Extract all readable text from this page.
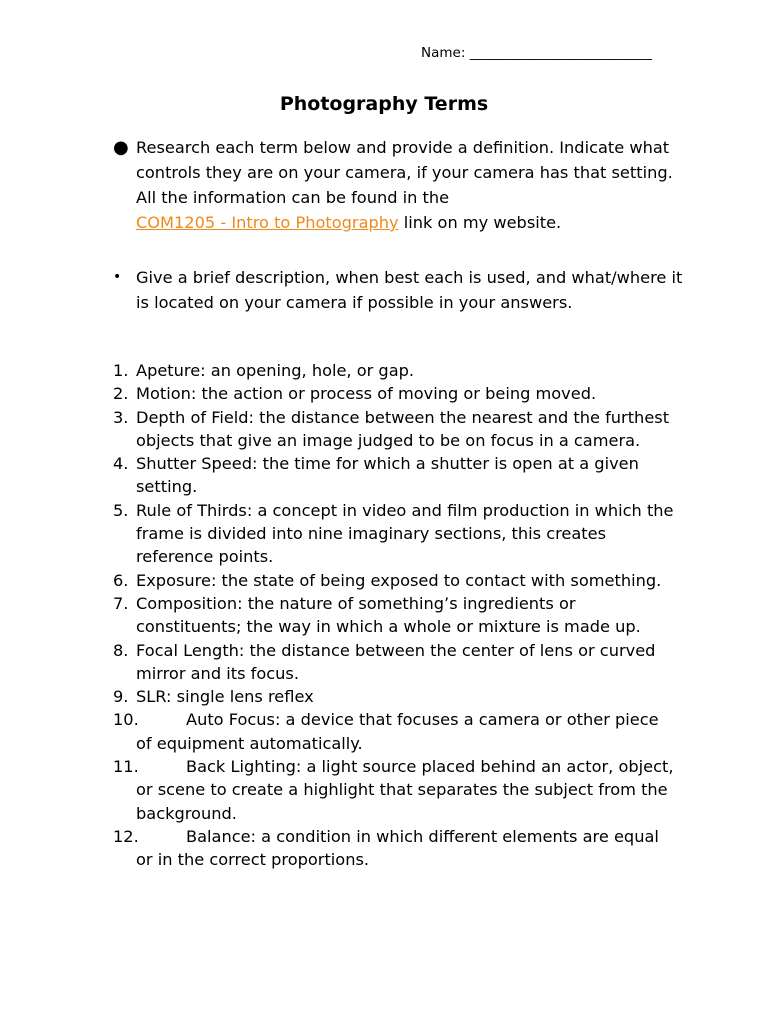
Name: ___________________________
Photography Terms
● Research each term below and provide a definition. Indicate what controls they are on your camera, if your camera has that setting. All the information can be found in the
COM1205 - Intro to Photography link on my website.
• Give a brief description, when best each is used, and what/where it is located on your camera if possible in your answers.
1. Apeture: an opening, hole, or gap.
2. Motion: the action or process of moving or being moved.
3. Depth of Field: the distance between the nearest and the furthest objects that give an image judged to be on focus in a camera.
4. Shutter Speed: the time for which a shutter is open at a given setting.
5. Rule of Thirds: a concept in video and film production in which the frame is divided into nine imaginary sections, this creates reference points.
6. Exposure: the state of being exposed to contact with something.
7. Composition: the nature of something’s ingredients or constituents; the way in which a whole or mixture is made up.
8. Focal Length: the distance between the center of lens or curved mirror and its focus.
9. SLR: single lens reflex
10.	Auto Focus: a device that focuses a camera or other piece of equipment automatically.
11.	Back Lighting: a light source placed behind an actor, object, or scene to create a highlight that separates the subject from the background.
12.	Balance: a condition in which different elements are equal or in the correct proportions.
